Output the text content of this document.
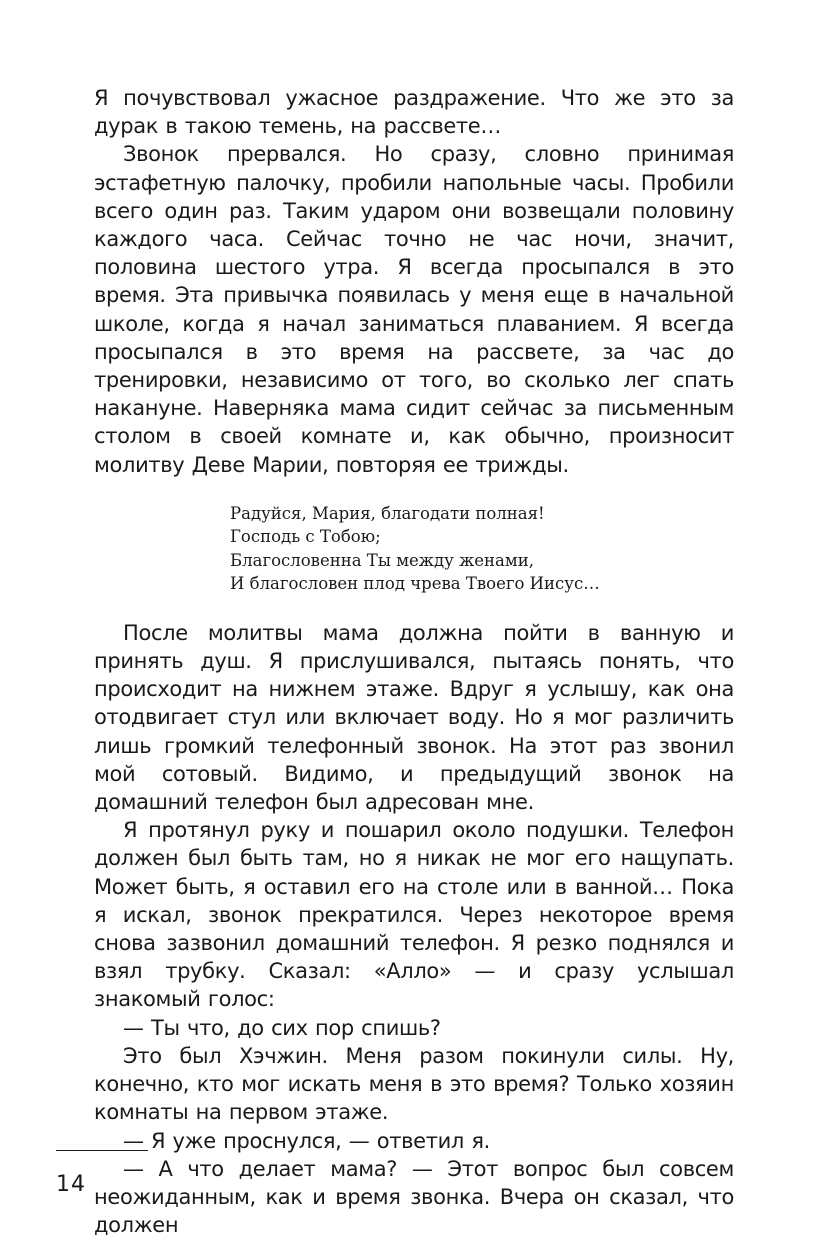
Я почувствовал ужасное раздражение. Что же это за дурак в такою темень, на рассвете…

Звонок прервался. Но сразу, словно принимая эстафетную палочку, пробили напольные часы. Пробили всего один раз. Таким ударом они возвещали половину каждого часа. Сейчас точно не час ночи, значит, половина шестого утра. Я всегда просыпался в это время. Эта привычка появилась у меня еще в начальной школе, когда я начал заниматься плаванием. Я всегда просыпался в это время на рассвете, за час до тренировки, независимо от того, во сколько лег спать накануне. Наверняка мама сидит сейчас за письменным столом в своей комнате и, как обычно, произносит молитву Деве Марии, повторяя ее трижды.

Радуйся, Мария, благодати полная!
Господь с Тобою;
Благословенна Ты между женами,
И благословен плод чрева Твоего Иисус…

После молитвы мама должна пойти в ванную и принять душ. Я прислушивался, пытаясь понять, что происходит на нижнем этаже. Вдруг я услышу, как она отодвигает стул или включает воду. Но я мог различить лишь громкий телефонный звонок. На этот раз звонил мой сотовый. Видимо, и предыдущий звонок на домашний телефон был адресован мне.

Я протянул руку и пошарил около подушки. Телефон должен был быть там, но я никак не мог его нащупать. Может быть, я оставил его на столе или в ванной… Пока я искал, звонок прекратился. Через некоторое время снова зазвонил домашний телефон. Я резко поднялся и взял трубку. Сказал: «Алло» — и сразу услышал знакомый голос:

— Ты что, до сих пор спишь?

Это был Хэчжин. Меня разом покинули силы. Ну, конечно, кто мог искать меня в это время? Только хозяин комнаты на первом этаже.

— Я уже проснулся, — ответил я.

— А что делает мама? — Этот вопрос был совсем неожиданным, как и время звонка. Вчера он сказал, что должен

14
